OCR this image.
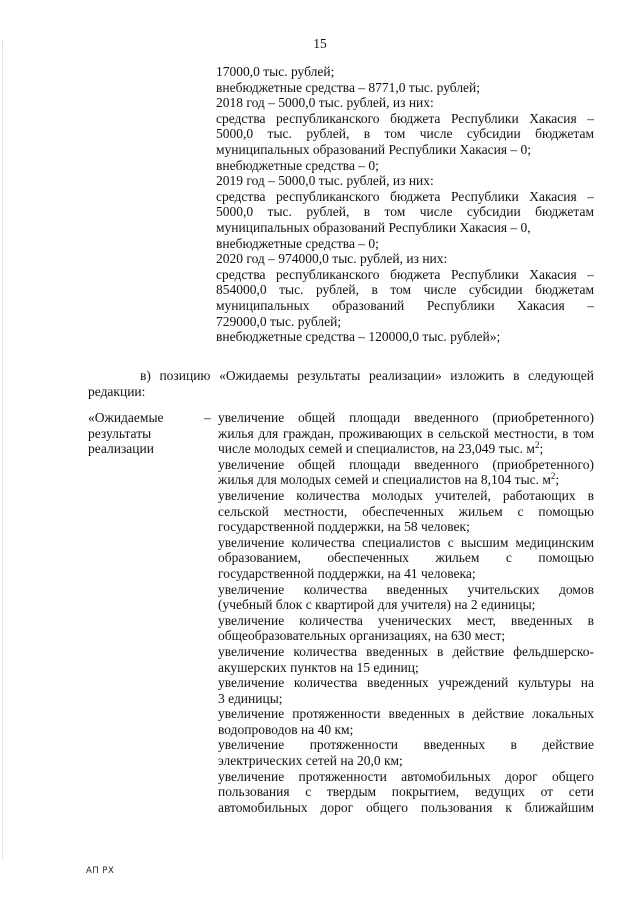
15
17000,0 тыс. рублей;
внебюджетные средства – 8771,0 тыс. рублей;
2018 год – 5000,0 тыс. рублей, из них:
средства республиканского бюджета Республики Хакасия –
5000,0 тыс. рублей, в том числе субсидии бюджетам
муниципальных образований Республики Хакасия – 0;
внебюджетные средства – 0;
2019 год – 5000,0 тыс. рублей, из них:
средства республиканского бюджета Республики Хакасия –
5000,0 тыс. рублей, в том числе субсидии бюджетам
муниципальных образований Республики Хакасия – 0,
внебюджетные средства – 0;
2020 год – 974000,0 тыс. рублей, из них:
средства республиканского бюджета Республики Хакасия –
854000,0 тыс. рублей, в том числе субсидии бюджетам
муниципальных образований Республики Хакасия –
729000,0 тыс. рублей;
внебюджетные средства – 120000,0 тыс. рублей»;
в) позицию «Ожидаемы результаты реализации» изложить в следующей
редакции:
«Ожидаемые
результаты
реализации
– увеличение общей площади введенного (приобретенного)
жилья для граждан, проживающих в сельской местности, в том
числе молодых семей и специалистов, на 23,049 тыс. $м^2$;
увеличение общей площади введенного (приобретенного)
жилья для молодых семей и специалистов на 8,104 тыс. $м^2$;
увеличение количества молодых учителей, работающих в
сельской местности, обеспеченных жильем с помощью
государственной поддержки, на 58 человек;
увеличение количества специалистов с высшим медицинским
образованием, обеспеченных жильем с помощью
государственной поддержки, на 41 человека;
увеличение количества введенных учительских домов
(учебный блок с квартирой для учителя) на 2 единицы;
увеличение количества ученических мест, введенных в
общеобразовательных организациях, на 630 мест;
увеличение количества введенных в действие фельдшерско-
акушерских пунктов на 15 единиц;
увеличение количества введенных учреждений культуры на
3 единицы;
увеличение протяженности введенных в действие локальных
водопроводов на 40 км;
увеличение протяженности введенных в действие
электрических сетей на 20,0 км;
увеличение протяженности автомобильных дорог общего
пользования с твердым покрытием, ведущих от сети
автомобильных дорог общего пользования к ближайшим
АП РХ
